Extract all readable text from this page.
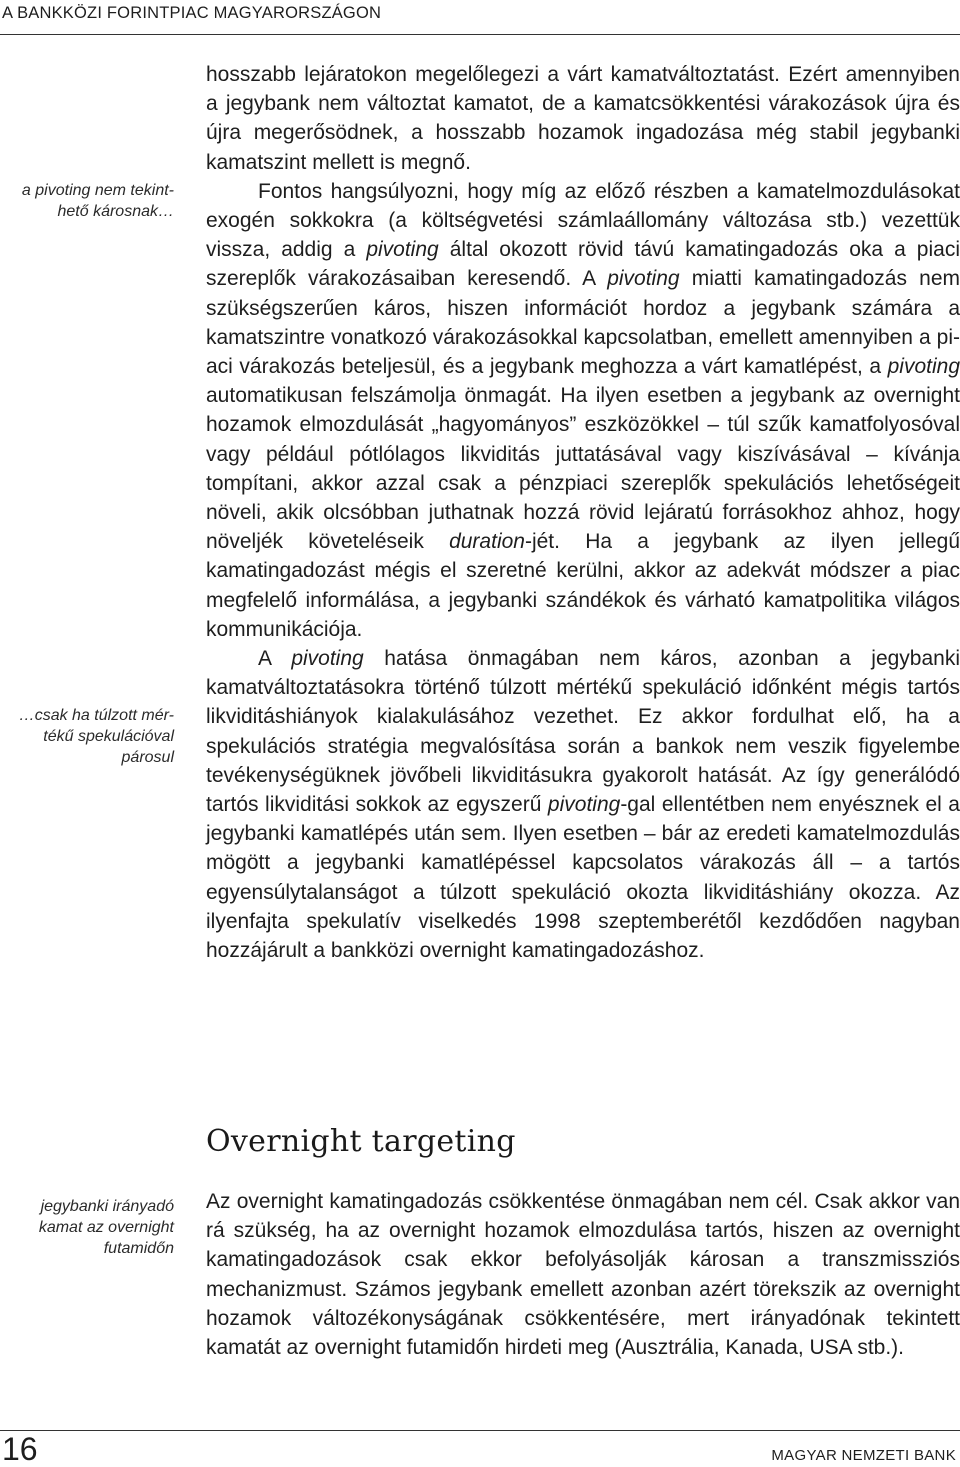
A BANKKÖZI FORINTPIAC MAGYARORSZÁGON
a pivoting nem tekint-
hető károsnak…
…csak ha túlzott mér-
tékű spekulációval
párosul
jegybanki irányadó
kamat az overnight
futamidőn

hosszabb lejáratokon megelőlegezi a várt kamatváltoztatást. Ezért amennyiben a jegybank nem változtat kamatot, de a kamatcsökkentési várakozások újra és újra megerősödnek, a hosszabb hozamok ingadozása még stabil jegybanki kamatszint mellett is megnő.

Fontos hangsúlyozni, hogy míg az előző részben a kamatelmozdulásokat exogén sokkokra (a költségvetési számlaállomány változása stb.) vezettük vissza, addig a pivoting által okozott rövid távú kamatingadozás oka a piaci szereplők várakozásaiban keresendő. A pivoting miatti kamatingadozás nem szükségszerűen káros, hiszen információt hordoz a jegybank számára a kamatszintre vonatkozó várakozásokkal kapcsolatban, emellett amennyiben a piaci várakozás beteljesül, és a jegybank meghozza a várt kamatlépést, a pivoting automatikusan felszámolja önmagát. Ha ilyen esetben a jegybank az overnight hozamok elmozdulását „hagyományos” eszközökkel – túl szűk kamatfolyosóval vagy például pótlólagos likviditás juttatásával vagy kiszívásával – kívánja tompítani, akkor azzal csak a pénzpiaci szereplők spekulációs lehetőségeit növeli, akik olcsóbban juthatnak hozzá rövid lejáratú forrásokhoz ahhoz, hogy növeljék követeléseik duration-jét. Ha a jegybank az ilyen jellegű kamatingadozást mégis el szeretné kerülni, akkor az adekvát módszer a piac megfelelő informálása, a jegybanki szándékok és várható kamatpolitika világos kommunikációja.

A pivoting hatása önmagában nem káros, azonban a jegybanki kamatváltoztatásokra történő túlzott mértékű spekuláció időnként mégis tartós likviditáshiányok kialakulásához vezethet. Ez akkor fordulhat elő, ha a spekulációs stratégia megvalósítása során a bankok nem veszik figyelembe tevékenységüknek jövőbeli likviditásukra gyakorolt hatását. Az így generálódó tartós likviditási sokkok az egyszerű pivoting-gal ellentétben nem enyésznek el a jegybanki kamatlépés után sem. Ilyen esetben – bár az eredeti kamatelmozdulás mögött a jegybanki kamatlépéssel kapcsolatos várakozás áll – a tartós egyensúlytalanságot a túlzott spekuláció okozta likviditáshiány okozza. Az ilyenfajta spekulatív viselkedés 1998 szeptemberétől kezdődően nagyban hozzájárult a bankközi overnight kamatingadozáshoz.

Overnight targeting

Az overnight kamatingadozás csökkentése önmagában nem cél. Csak akkor van rá szükség, ha az overnight hozamok elmozdulása tartós, hiszen az overnight kamatingadozások csak ekkor befolyásolják károsan a transzmissziós mechanizmust. Számos jegybank emellett azonban azért törekszik az overnight hozamok változékonyságának csökkentésére, mert irányadónak tekintett kamatát az overnight futamidőn hirdeti meg (Ausztrália, Kanada, USA stb.).

16	MAGYAR NEMZETI BANK
